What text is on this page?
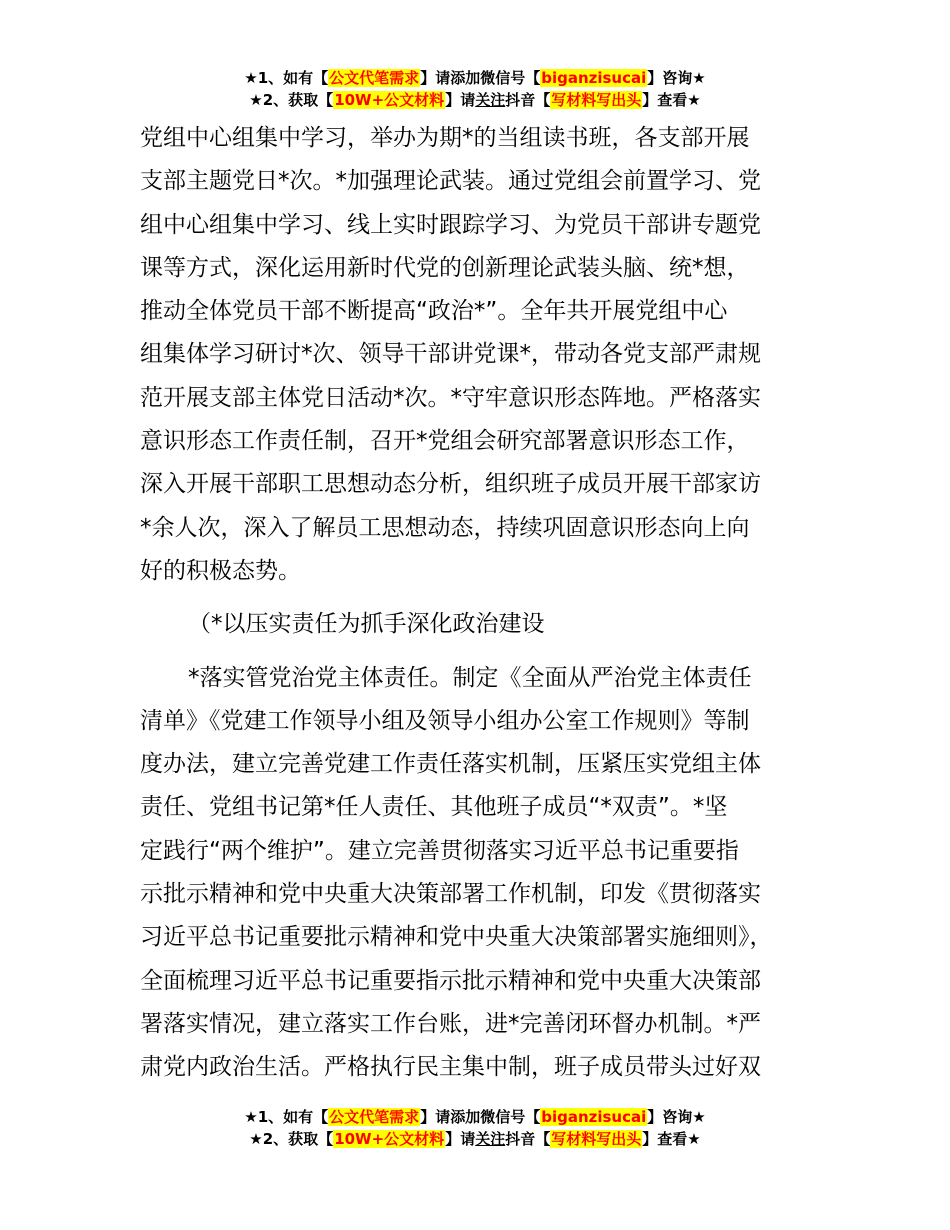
★1、如有【公文代笔需求】请添加微信号【biganzisucai】咨询★
★2、获取【10W+公文材料】请关注抖音【写材料写出头】查看★
党组中心组集中学习，举办为期*的当组读书班，各支部开展
支部主题党日*次。*加强理论武装。通过党组会前置学习、党
组中心组集中学习、线上实时跟踪学习、为党员干部讲专题党
课等方式，深化运用新时代党的创新理论武装头脑、统*想，
推动全体党员干部不断提高“政治*”。全年共开展党组中心
组集体学习研讨*次、领导干部讲党课*，带动各党支部严肃规
范开展支部主体党日活动*次。*守牢意识形态阵地。严格落实
意识形态工作责任制，召开*党组会研究部署意识形态工作，
深入开展干部职工思想动态分析，组织班子成员开展干部家访
*余人次，深入了解员工思想动态，持续巩固意识形态向上向
好的积极态势。
（*以压实责任为抓手深化政治建设
*落实管党治党主体责任。制定《全面从严治党主体责任
清单》《党建工作领导小组及领导小组办公室工作规则》等制
度办法，建立完善党建工作责任落实机制，压紧压实党组主体
责任、党组书记第*任人责任、其他班子成员“*双责”。*坚
定践行“两个维护”。建立完善贯彻落实习近平总书记重要指
示批示精神和党中央重大决策部署工作机制，印发《贯彻落实
习近平总书记重要批示精神和党中央重大决策部署实施细则》，
全面梳理习近平总书记重要指示批示精神和党中央重大决策部
署落实情况，建立落实工作台账，进*完善闭环督办机制。*严
肃党内政治生活。严格执行民主集中制，班子成员带头过好双
★1、如有【公文代笔需求】请添加微信号【biganzisucai】咨询★
★2、获取【10W+公文材料】请关注抖音【写材料写出头】查看★
